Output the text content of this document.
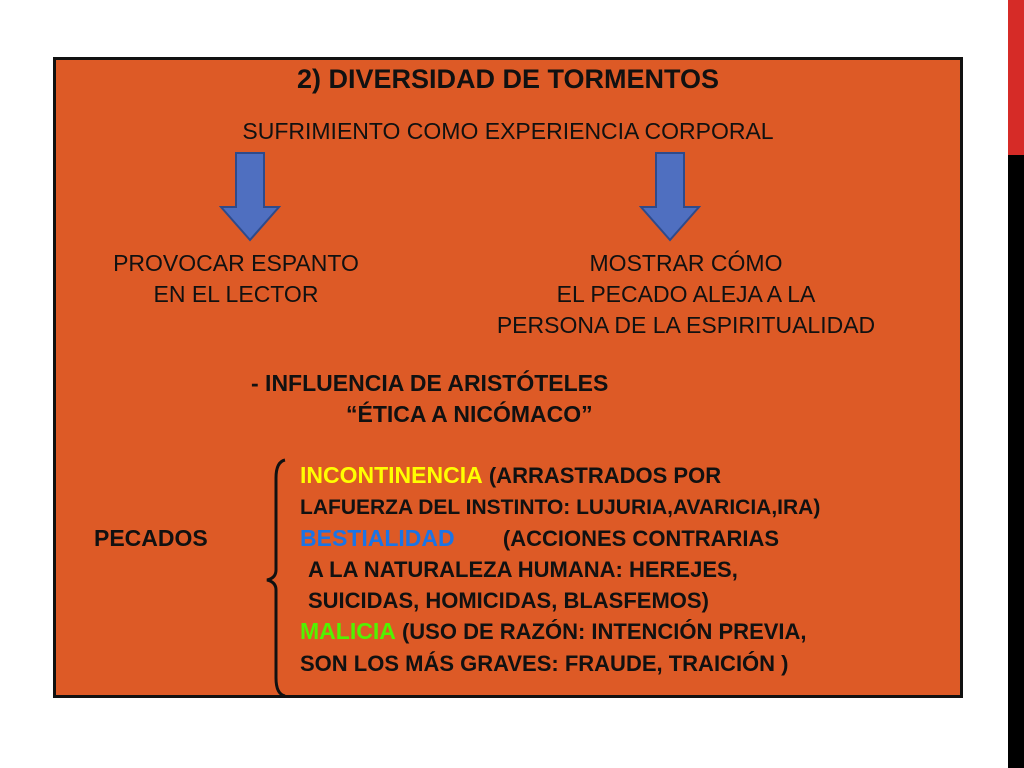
2) DIVERSIDAD DE TORMENTOS
SUFRIMIENTO COMO EXPERIENCIA CORPORAL
PROVOCAR ESPANTO
EN EL LECTOR
MOSTRAR CÓMO
EL PECADO ALEJA A LA
PERSONA DE LA ESPIRITUALIDAD
- INFLUENCIA DE ARISTÓTELES
“ÉTICA A NICÓMACO”
PECADOS
INCONTINENCIA (ARRASTRADOS POR
LAFUERZA DEL INSTINTO: LUJURIA,AVARICIA,IRA)
BESTIALIDAD (ACCIONES CONTRARIAS
A LA NATURALEZA HUMANA: HEREJES,
SUICIDAS, HOMICIDAS, BLASFEMOS)
MALICIA (USO DE RAZÓN: INTENCIÓN PREVIA,
SON LOS MÁS GRAVES: FRAUDE, TRAICIÓN )
